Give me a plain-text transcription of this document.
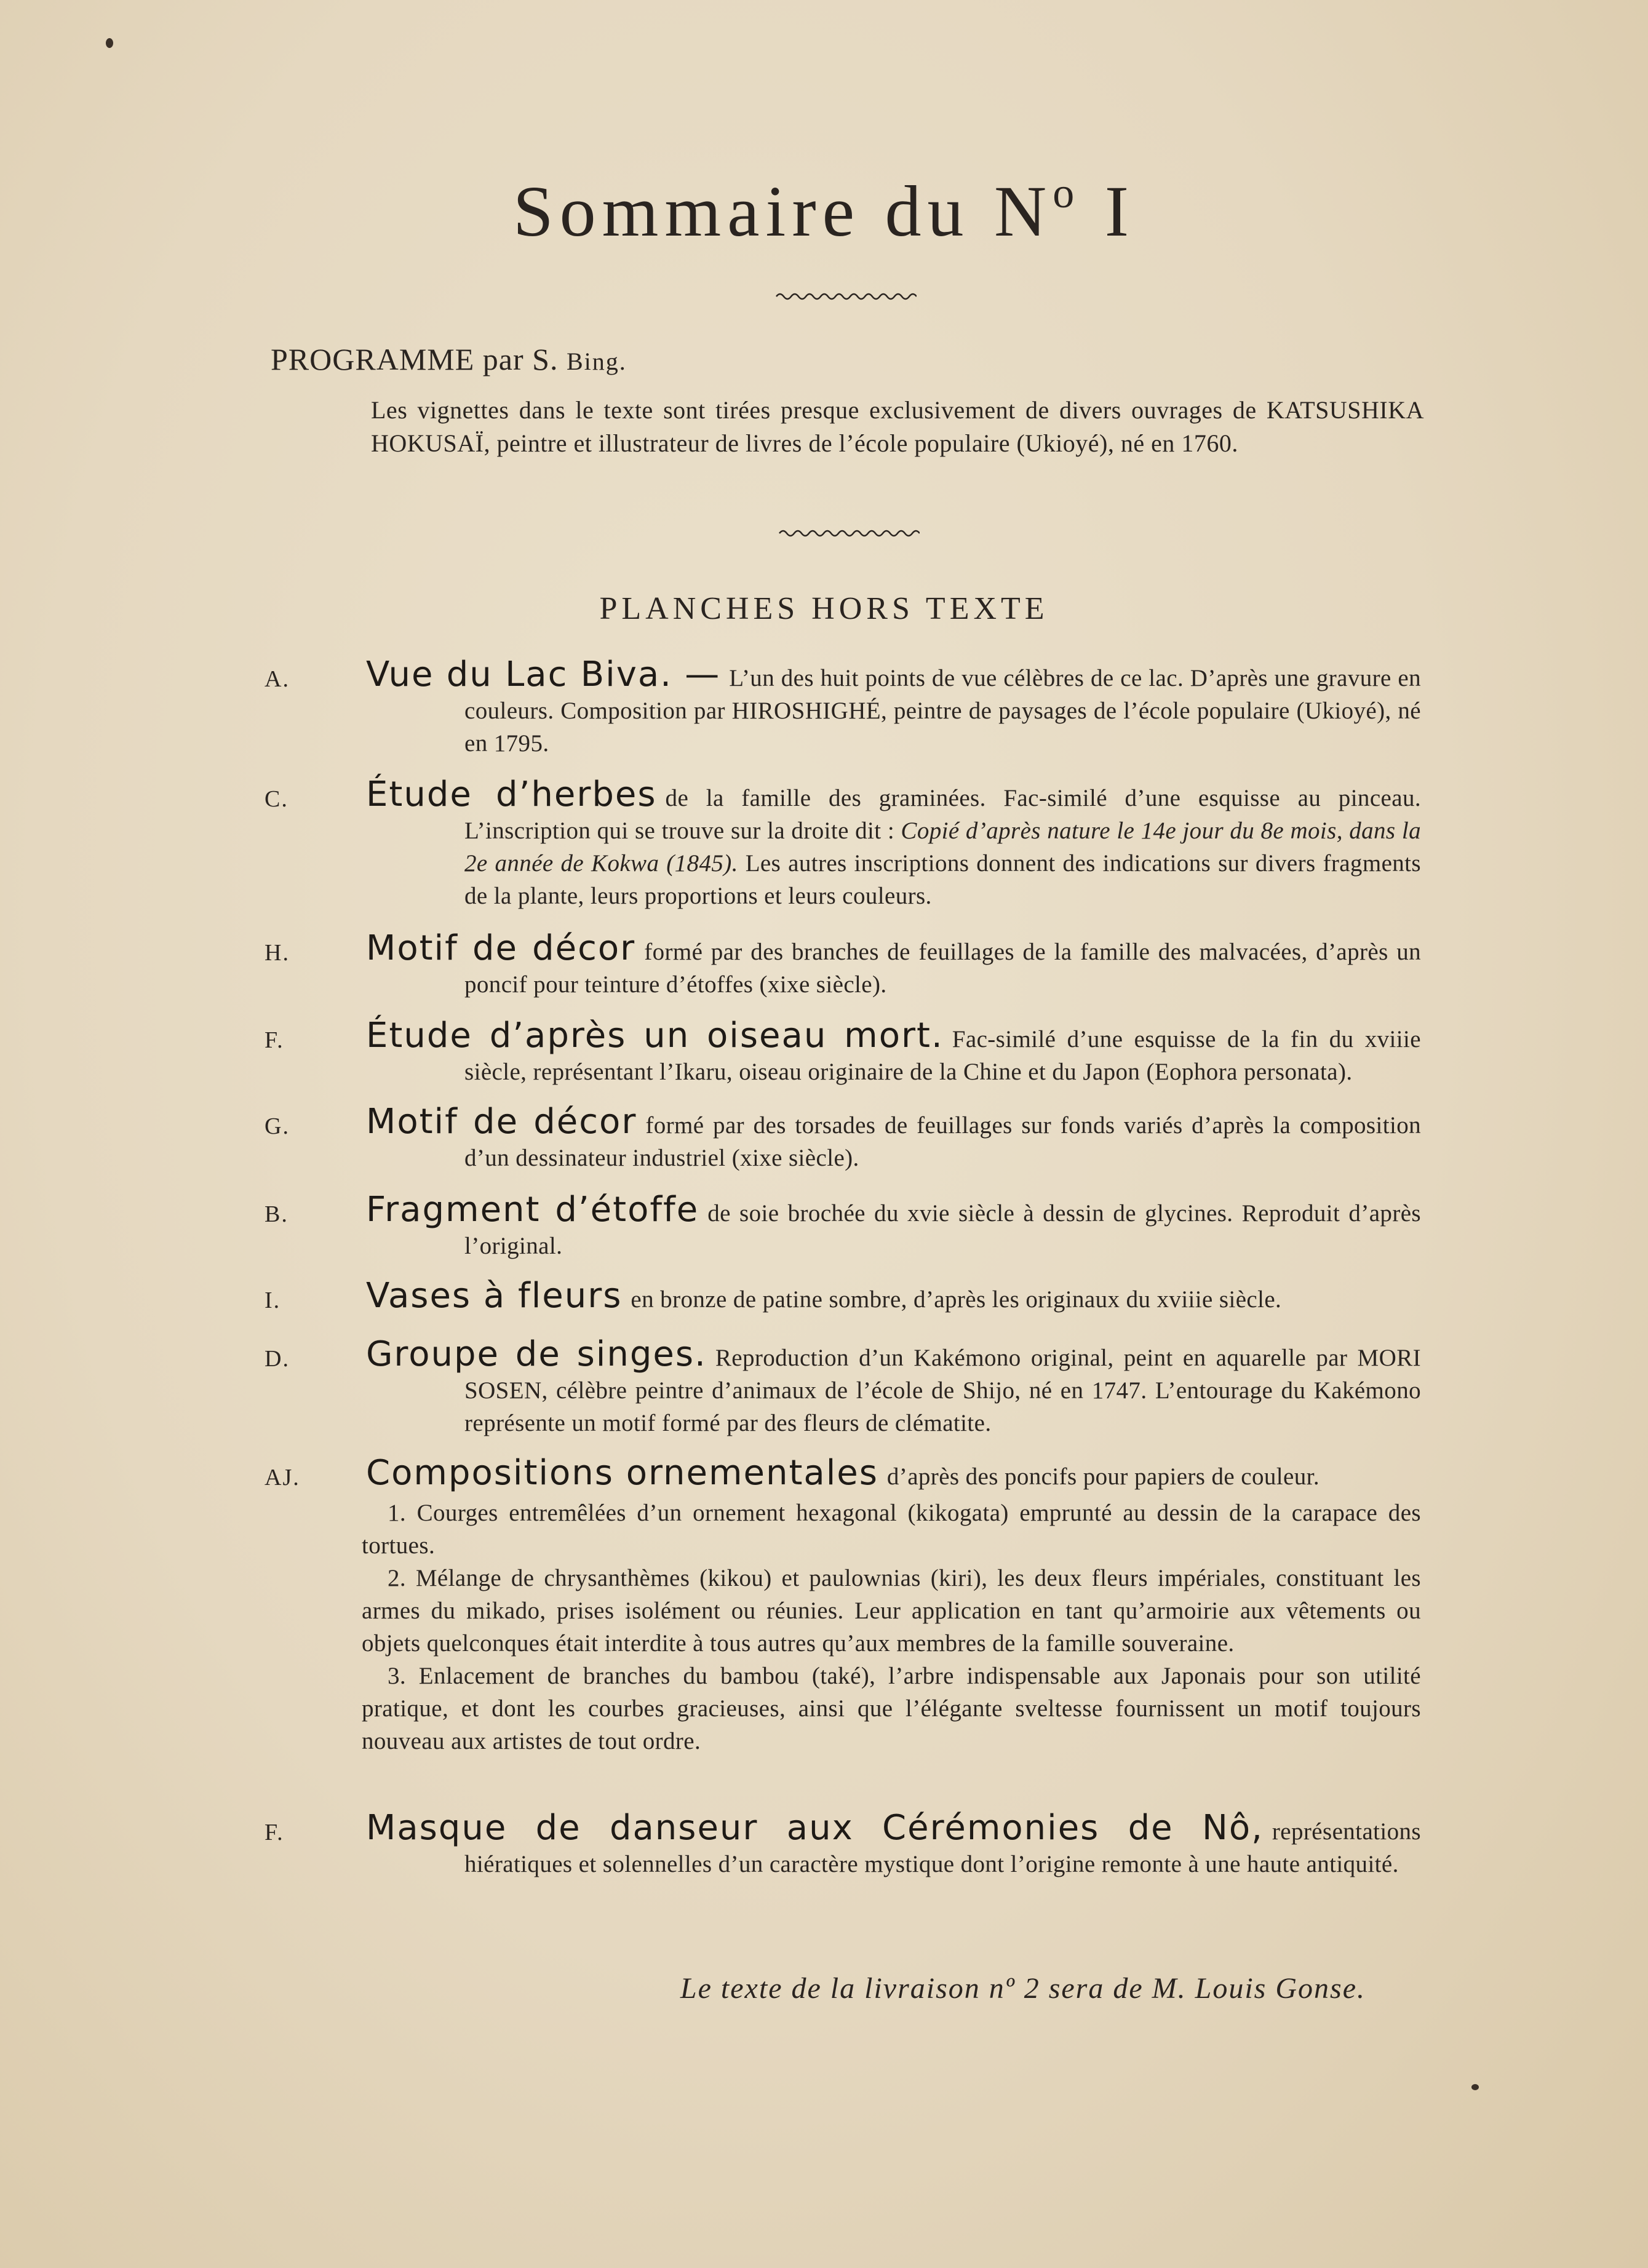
Sommaire du $N^o$ I
PROGRAMME par S. Bing.
Les vignettes dans le texte sont tirées presque exclusivement de divers ouvrages de KATSUSHIKA HOKUSAÏ, peintre et illustrateur de livres de l’école populaire (Ukioyé), né en 1760.
PLANCHES HORS TEXTE
A.	Vue du Lac Biva. — L’un des huit points de vue célèbres de ce lac. D’après une gravure en couleurs. Composition par HIROSHIGHÉ, peintre de paysages de l’école populaire (Ukioyé), né en 1795.
C.	Étude d’herbes de la famille des graminées. Fac-similé d’une esquisse au pinceau. L’inscription qui se trouve sur la droite dit : Copié d’après nature le 14e jour du 8e mois, dans la 2e année de Kokwa (1845). Les autres inscriptions donnent des indications sur divers fragments de la plante, leurs proportions et leurs couleurs.
H.	Motif de décor formé par des branches de feuillages de la famille des malvacées, d’après un poncif pour teinture d’étoffes (xixe siècle).
F.	Étude d’après un oiseau mort. Fac-similé d’une esquisse de la fin du xviiie siècle, représentant l’Ikaru, oiseau originaire de la Chine et du Japon (Eophora personata).
G.	Motif de décor formé par des torsades de feuillages sur fonds variés d’après la composition d’un dessinateur industriel (xixe siècle).
B.	Fragment d’étoffe de soie brochée du xvie siècle à dessin de glycines. Reproduit d’après l’original.
I.	Vases à fleurs en bronze de patine sombre, d’après les originaux du xviiie siècle.
D.	Groupe de singes. Reproduction d’un Kakémono original, peint en aquarelle par MORI SOSEN, célèbre peintre d’animaux de l’école de Shijo, né en 1747. L’entourage du Kakémono représente un motif formé par des fleurs de clématite.
AJ.	Compositions ornementales d’après des poncifs pour papiers de couleur.
1. Courges entremêlées d’un ornement hexagonal (kikogata) emprunté au dessin de la carapace des tortues.
2. Mélange de chrysanthèmes (kikou) et paulownias (kiri), les deux fleurs impériales, constituant les armes du mikado, prises isolément ou réunies. Leur application en tant qu’armoirie aux vêtements ou objets quelconques était interdite à tous autres qu’aux membres de la famille souveraine.
3. Enlacement de branches du bambou (také), l’arbre indispensable aux Japonais pour son utilité pratique, et dont les courbes gracieuses, ainsi que l’élégante sveltesse fournissent un motif toujours nouveau aux artistes de tout ordre.
F.	Masque de danseur aux Cérémonies de Nô, représentations hiératiques et solennelles d’un caractère mystique dont l’origine remonte à une haute antiquité.
Le texte de la livraison nº 2 sera de M. Louis Gonse.
